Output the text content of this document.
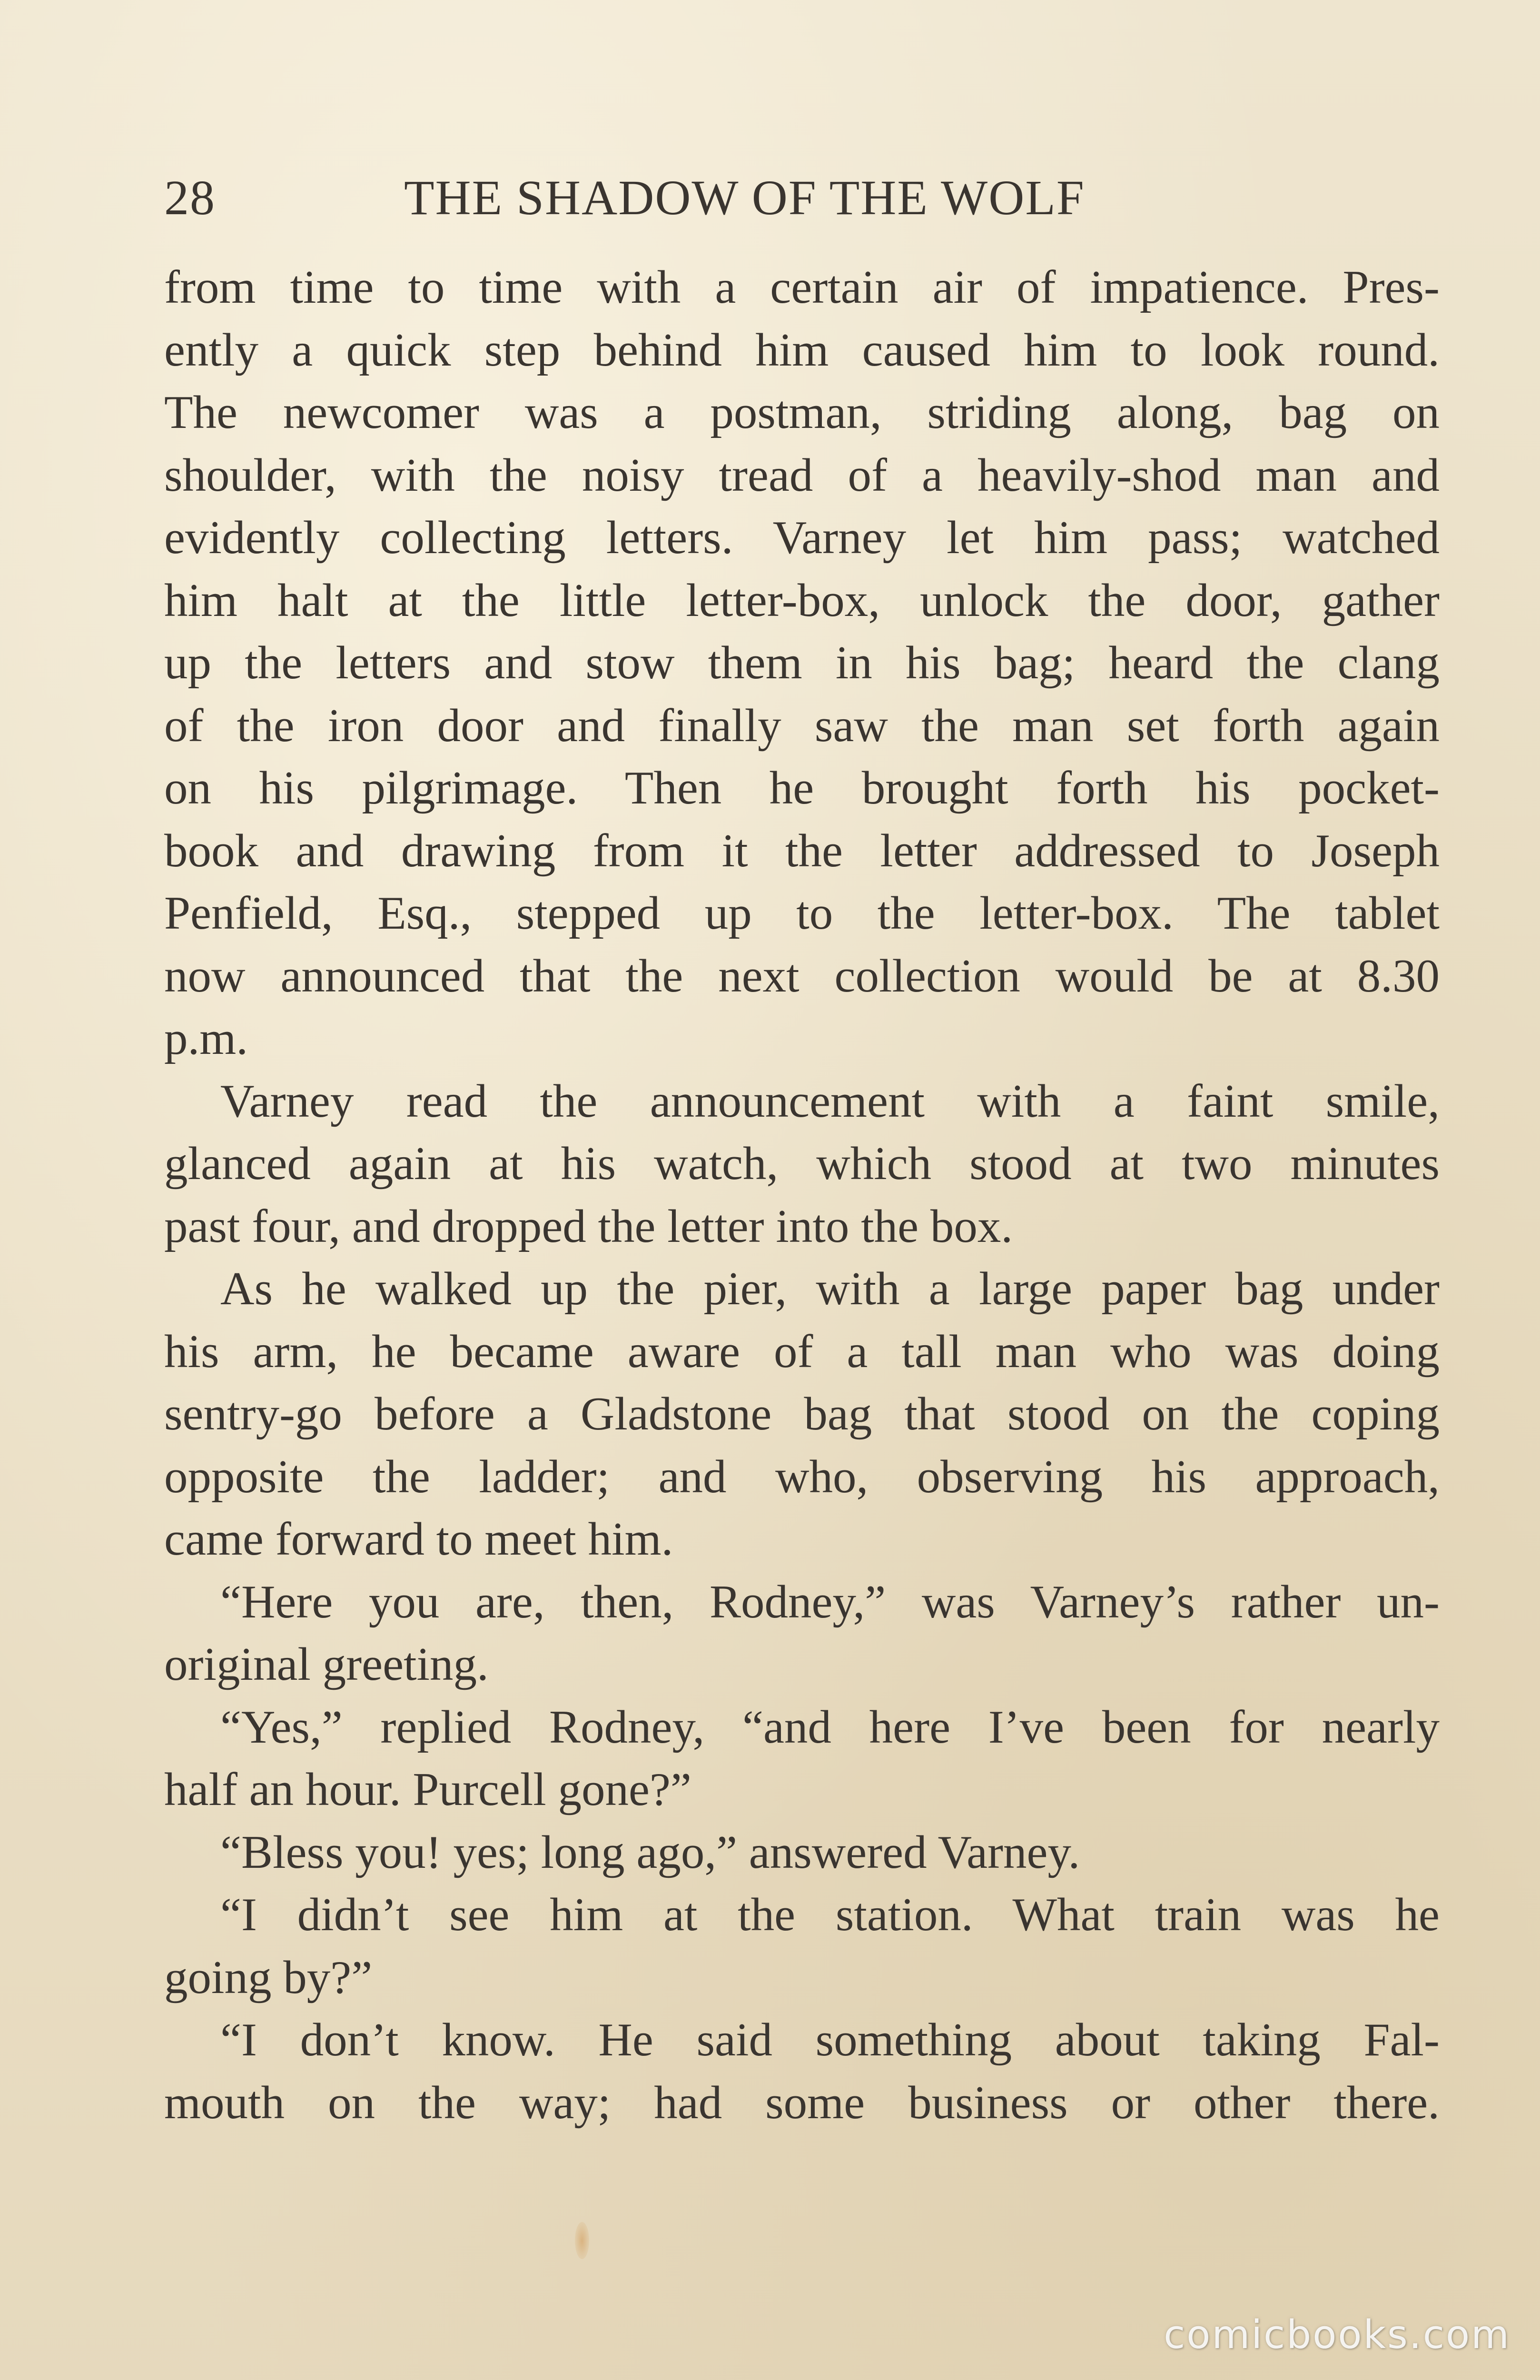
28	THE SHADOW OF THE WOLF
from time to time with a certain air of impatience. Pres-
ently a quick step behind him caused him to look round.
The newcomer was a postman, striding along, bag on
shoulder, with the noisy tread of a heavily-shod man and
evidently collecting letters. Varney let him pass; watched
him halt at the little letter-box, unlock the door, gather
up the letters and stow them in his bag; heard the clang
of the iron door and finally saw the man set forth again
on his pilgrimage. Then he brought forth his pocket-
book and drawing from it the letter addressed to Joseph
Penfield, Esq., stepped up to the letter-box. The tablet
now announced that the next collection would be at 8.30
p.m.
Varney read the announcement with a faint smile,
glanced again at his watch, which stood at two minutes
past four, and dropped the letter into the box.
As he walked up the pier, with a large paper bag under
his arm, he became aware of a tall man who was doing
sentry-go before a Gladstone bag that stood on the coping
opposite the ladder; and who, observing his approach,
came forward to meet him.
“Here you are, then, Rodney,” was Varney’s rather un-
original greeting.
“Yes,” replied Rodney, “and here I’ve been for nearly
half an hour. Purcell gone?”
“Bless you! yes; long ago,” answered Varney.
“I didn’t see him at the station. What train was he
going by?”
“I don’t know. He said something about taking Fal-
mouth on the way; had some business or other there.
comicbooks.com
